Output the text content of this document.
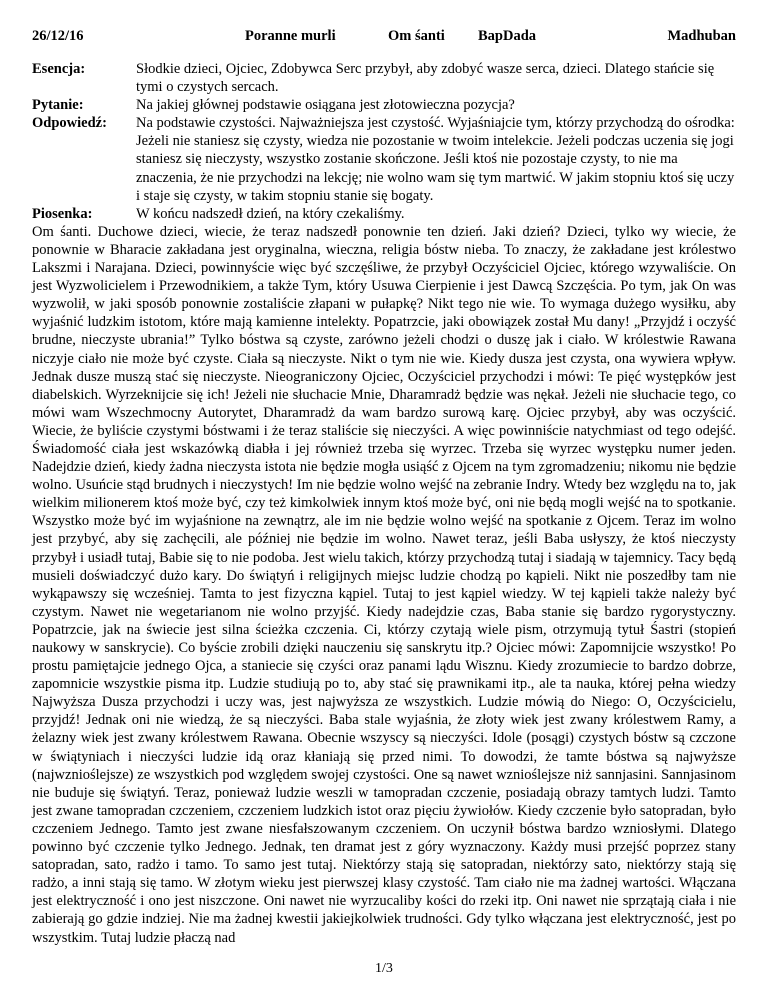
26/12/16	Poranne murli	Om śanti BapDada	Madhuban
Esencja:	Słodkie dzieci, Ojciec, Zdobywca Serc przybył, aby zdobyć wasze serca, dzieci. Dlatego stańcie się tymi o czystych sercach.
Pytanie:	Na jakiej głównej podstawie osiągana jest złotowieczna pozycja?
Odpowiedź:	Na podstawie czystości. Najważniejsza jest czystość. Wyjaśniajcie tym, którzy przychodzą do ośrodka: Jeżeli nie staniesz się czysty, wiedza nie pozostanie w twoim intelekcie. Jeżeli podczas uczenia się jogi staniesz się nieczysty, wszystko zostanie skończone. Jeśli ktoś nie pozostaje czysty, to nie ma znaczenia, że nie przychodzi na lekcję; nie wolno wam się tym martwić. W jakim stopniu ktoś się uczy i staje się czysty, w takim stopniu stanie się bogaty.
Piosenka:	W końcu nadszedł dzień, na który czekaliśmy.

Om śanti. Duchowe dzieci, wiecie, że teraz nadszedł ponownie ten dzień. Jaki dzień? Dzieci, tylko wy wiecie, że ponownie w Bharacie zakładana jest oryginalna, wieczna, religia bóstw nieba. To znaczy, że zakładane jest królestwo Lakszmi i Narajana. Dzieci, powinnyście więc być szczęśliwe, że przybył Oczyściciel Ojciec, którego wzywaliście. On jest Wyzwolicielem i Przewodnikiem, a także Tym, który Usuwa Cierpienie i jest Dawcą Szczęścia. Po tym, jak On was wyzwolił, w jaki sposób ponownie zostaliście złapani w pułapkę? Nikt tego nie wie. To wymaga dużego wysiłku, aby wyjaśnić ludzkim istotom, które mają kamienne intelekty. Popatrzcie, jaki obowiązek został Mu dany! „Przyjdź i oczyść brudne, nieczyste ubrania!” Tylko bóstwa są czyste, zarówno jeżeli chodzi o duszę jak i ciało. W królestwie Rawana niczyje ciało nie może być czyste. Ciała są nieczyste. Nikt o tym nie wie. Kiedy dusza jest czysta, ona wywiera wpływ. Jednak dusze muszą stać się nieczyste. Nieograniczony Ojciec, Oczyściciel przychodzi i mówi: Te pięć występków jest diabelskich. Wyrzeknijcie się ich! Jeżeli nie słuchacie Mnie, Dharamradż będzie was nękał. Jeżeli nie słuchacie tego, co mówi wam Wszechmocny Autorytet, Dharamradż da wam bardzo surową karę. Ojciec przybył, aby was oczyścić. Wiecie, że byliście czystymi bóstwami i że teraz staliście się nieczyści. A więc powinniście natychmiast od tego odejść. Świadomość ciała jest wskazówką diabła i jej również trzeba się wyrzec. Trzeba się wyrzec występku numer jeden. Nadejdzie dzień, kiedy żadna nieczysta istota nie będzie mogła usiąść z Ojcem na tym zgromadzeniu; nikomu nie będzie wolno. Usuńcie stąd brudnych i nieczystych! Im nie będzie wolno wejść na zebranie Indry. Wtedy bez względu na to, jak wielkim milionerem ktoś może być, czy też kimkolwiek innym ktoś może być, oni nie będą mogli wejść na to spotkanie. Wszystko może być im wyjaśnione na zewnątrz, ale im nie będzie wolno wejść na spotkanie z Ojcem. Teraz im wolno jest przybyć, aby się zachęcili, ale później nie będzie im wolno. Nawet teraz, jeśli Baba usłyszy, że ktoś nieczysty przybył i usiadł tutaj, Babie się to nie podoba. Jest wielu takich, którzy przychodzą tutaj i siadają w tajemnicy. Tacy będą musieli doświadczyć dużo kary. Do świątyń i religijnych miejsc ludzie chodzą po kąpieli. Nikt nie poszedłby tam nie wykąpawszy się wcześniej. Tamta to jest fizyczna kąpiel. Tutaj to jest kąpiel wiedzy. W tej kąpieli także należy być czystym. Nawet nie wegetarianom nie wolno przyjść. Kiedy nadejdzie czas, Baba stanie się bardzo rygorystyczny. Popatrzcie, jak na świecie jest silna ścieżka czczenia. Ci, którzy czytają wiele pism, otrzymują tytuł Śastri (stopień naukowy w sanskrycie). Co byście zrobili dzięki nauczeniu się sanskrytu itp.? Ojciec mówi: Zapomnijcie wszystko! Po prostu pamiętajcie jednego Ojca, a staniecie się czyści oraz panami lądu Wisznu. Kiedy zrozumiecie to bardzo dobrze, zapomnicie wszystkie pisma itp. Ludzie studiują po to, aby stać się prawnikami itp., ale ta nauka, której pełna wiedzy Najwyższa Dusza przychodzi i uczy was, jest najwyższa ze wszystkich. Ludzie mówią do Niego: O, Oczyścicielu, przyjdź! Jednak oni nie wiedzą, że są nieczyści. Baba stale wyjaśnia, że złoty wiek jest zwany królestwem Ramy, a żelazny wiek jest zwany królestwem Rawana. Obecnie wszyscy są nieczyści. Idole (posągi) czystych bóstw są czczone w świątyniach i nieczyści ludzie idą oraz kłaniają się przed nimi. To dowodzi, że tamte bóstwa są najwyższe (najwznioślejsze) ze wszystkich pod względem swojej czystości. One są nawet wznioślejsze niż sannjasini. Sannjasinom nie buduje się świątyń. Teraz, ponieważ ludzie weszli w tamopradan czczenie, posiadają obrazy tamtych ludzi. Tamto jest zwane tamopradan czczeniem, czczeniem ludzkich istot oraz pięciu żywiołów. Kiedy czczenie było satopradan, było czczeniem Jednego. Tamto jest zwane niesfałszowanym czczeniem. On uczynił bóstwa bardzo wzniosłymi. Dlatego powinno być czczenie tylko Jednego. Jednak, ten dramat jest z góry wyznaczony. Każdy musi przejść poprzez stany satopradan, sato, radżo i tamo. To samo jest tutaj. Niektórzy stają się satopradan, niektórzy sato, niektórzy stają się radżo, a inni stają się tamo. W złotym wieku jest pierwszej klasy czystość. Tam ciało nie ma żadnej wartości. Włączana jest elektryczność i ono jest niszczone. Oni nawet nie wyrzucaliby kości do rzeki itp. Oni nawet nie sprzątają ciała i nie zabierają go gdzie indziej. Nie ma żadnej kwestii jakiejkolwiek trudności. Gdy tylko włączana jest elektryczność, jest po wszystkim. Tutaj ludzie płaczą nad

1/3
